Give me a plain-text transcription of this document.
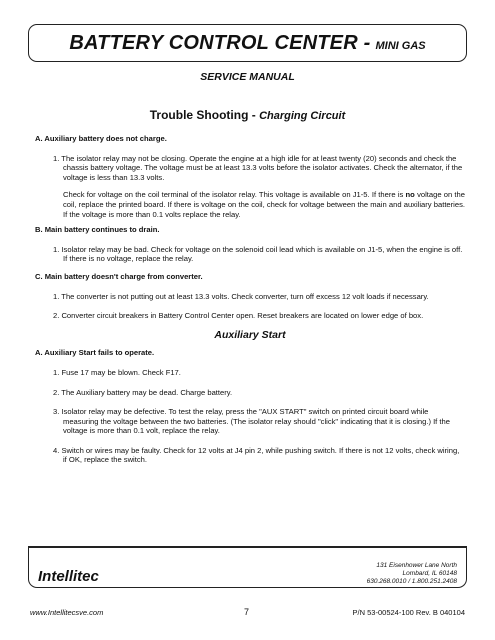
BATTERY CONTROL CENTER - MINI GAS
SERVICE MANUAL
Trouble Shooting - Charging Circuit

A. Auxiliary battery does not charge.

1. The isolator relay may not be closing. Operate the engine at a high idle for at least twenty (20) seconds and check the chassis battery voltage. The voltage must be at least 13.3 volts before the isolator activates. Check the alternator, if the voltage is less than 13.3 volts.

Check for voltage on the coil terminal of the isolator relay. This voltage is available on J1-5. If there is no voltage on the coil, replace the printed board. If there is voltage on the coil, check for voltage between the main and auxiliary batteries. If the voltage is more than 0.1 volts replace the relay.

B. Main battery continues to drain.

1. Isolator relay may be bad. Check for voltage on the solenoid coil lead which is available on J1-5, when the engine is off. If there is no voltage, replace the relay.

C. Main battery doesn't charge from converter.

1. The converter is not putting out at least 13.3 volts. Check converter, turn off excess 12 volt loads if necessary.

2. Converter circuit breakers in Battery Control Center open. Reset breakers are located on lower edge of box.

Auxiliary Start

A. Auxiliary Start fails to operate.

1. Fuse 17 may be blown. Check F17.

2. The Auxiliary battery may be dead. Charge battery.

3. Isolator relay may be defective. To test the relay, press the "AUX START" switch on printed circuit board while measuring the voltage between the two batteries. (The isolator relay should "click" indicating that it is closing.) If the voltage is more than 0.1 volt, replace the relay.

4. Switch or wires may be faulty. Check for 12 volts at J4 pin 2, while pushing switch. If there is not 12 volts, check wiring, if OK, replace the switch.

Intellitec
131 Eisenhower Lane North
Lombard, IL 60148
630.268.0010 / 1.800.251.2408
www.Intellitecsve.com	7	P/N 53-00524-100 Rev. B 040104
